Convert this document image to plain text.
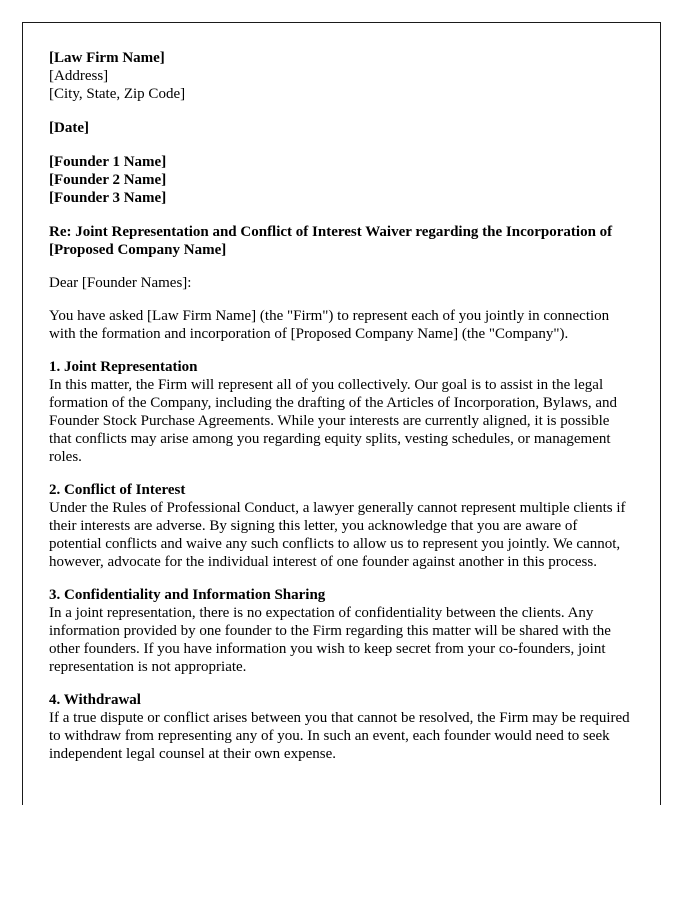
[Law Firm Name]
[Address]
[City, State, Zip Code]
[Date]
[Founder 1 Name]
[Founder 2 Name]
[Founder 3 Name]
Re: Joint Representation and Conflict of Interest Waiver regarding the Incorporation of [Proposed Company Name]
Dear [Founder Names]:
You have asked [Law Firm Name] (the "Firm") to represent each of you jointly in connection with the formation and incorporation of [Proposed Company Name] (the "Company").
1. Joint Representation
In this matter, the Firm will represent all of you collectively. Our goal is to assist in the legal formation of the Company, including the drafting of the Articles of Incorporation, Bylaws, and Founder Stock Purchase Agreements. While your interests are currently aligned, it is possible that conflicts may arise among you regarding equity splits, vesting schedules, or management roles.
2. Conflict of Interest
Under the Rules of Professional Conduct, a lawyer generally cannot represent multiple clients if their interests are adverse. By signing this letter, you acknowledge that you are aware of potential conflicts and waive any such conflicts to allow us to represent you jointly. We cannot, however, advocate for the individual interest of one founder against another in this process.
3. Confidentiality and Information Sharing
In a joint representation, there is no expectation of confidentiality between the clients. Any information provided by one founder to the Firm regarding this matter will be shared with the other founders. If you have information you wish to keep secret from your co-founders, joint representation is not appropriate.
4. Withdrawal
If a true dispute or conflict arises between you that cannot be resolved, the Firm may be required to withdraw from representing any of you. In such an event, each founder would need to seek independent legal counsel at their own expense.
